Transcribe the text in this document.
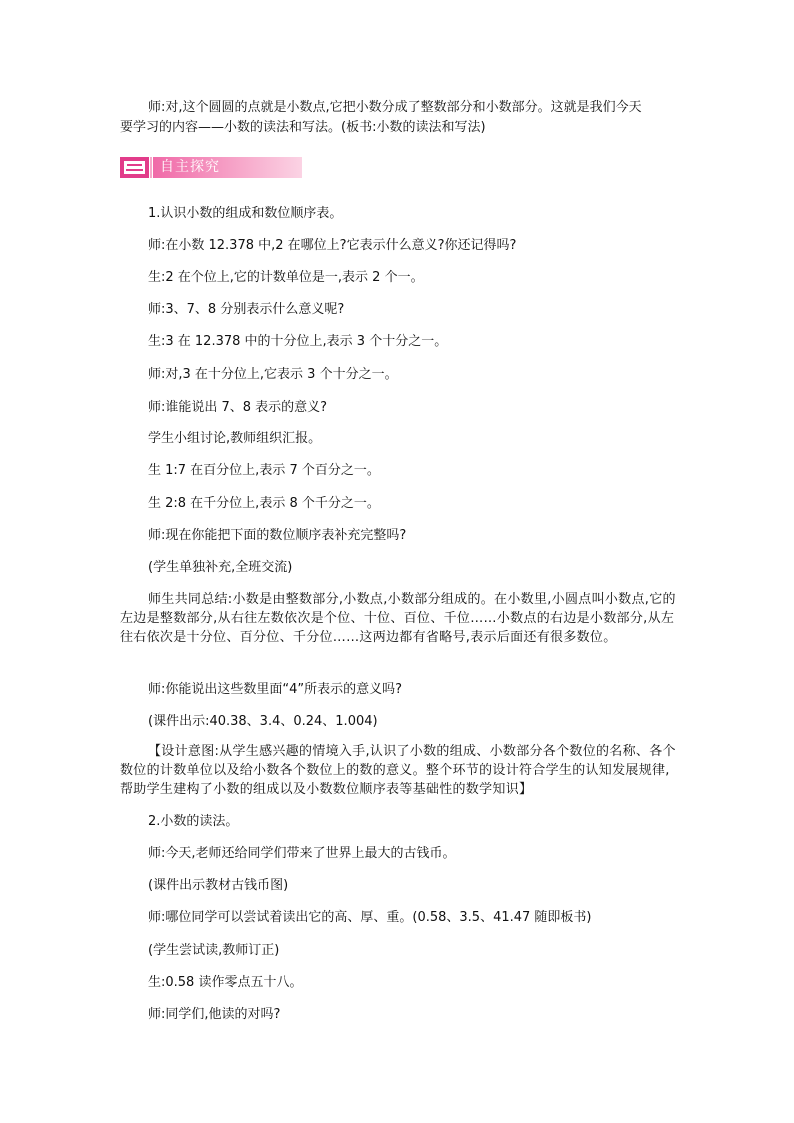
师:对,这个圆圆的点就是小数点,它把小数分成了整数部分和小数部分。这就是我们今天
要学习的内容——小数的读法和写法。(板书:小数的读法和写法)
自主探究
1.认识小数的组成和数位顺序表。
师:在小数 12.378 中,2 在哪位上?它表示什么意义?你还记得吗?
生:2 在个位上,它的计数单位是一,表示 2 个一。
师:3、7、8 分别表示什么意义呢?
生:3 在 12.378 中的十分位上,表示 3 个十分之一。
师:对,3 在十分位上,它表示 3 个十分之一。
师:谁能说出 7、8 表示的意义?
学生小组讨论,教师组织汇报。
生 1:7 在百分位上,表示 7 个百分之一。
生 2:8 在千分位上,表示 8 个千分之一。
师:现在你能把下面的数位顺序表补充完整吗?
(学生单独补充,全班交流)
师生共同总结:小数是由整数部分,小数点,小数部分组成的。在小数里,小圆点叫小数点,它的左边是整数部分,从右往左数依次是个位、十位、百位、千位……小数点的右边是小数部分,从左往右依次是十分位、百分位、千分位……这两边都有省略号,表示后面还有很多数位。
师:你能说出这些数里面“4”所表示的意义吗?
(课件出示:40.38、3.4、0.24、1.004)
【设计意图:从学生感兴趣的情境入手,认识了小数的组成、小数部分各个数位的名称、各个数位的计数单位以及给小数各个数位上的数的意义。整个环节的设计符合学生的认知发展规律,帮助学生建构了小数的组成以及小数数位顺序表等基础性的数学知识】
2.小数的读法。
师:今天,老师还给同学们带来了世界上最大的古钱币。
(课件出示教材古钱币图)
师:哪位同学可以尝试着读出它的高、厚、重。(0.58、3.5、41.47 随即板书)
(学生尝试读,教师订正)
生:0.58 读作零点五十八。
师:同学们,他读的对吗?
